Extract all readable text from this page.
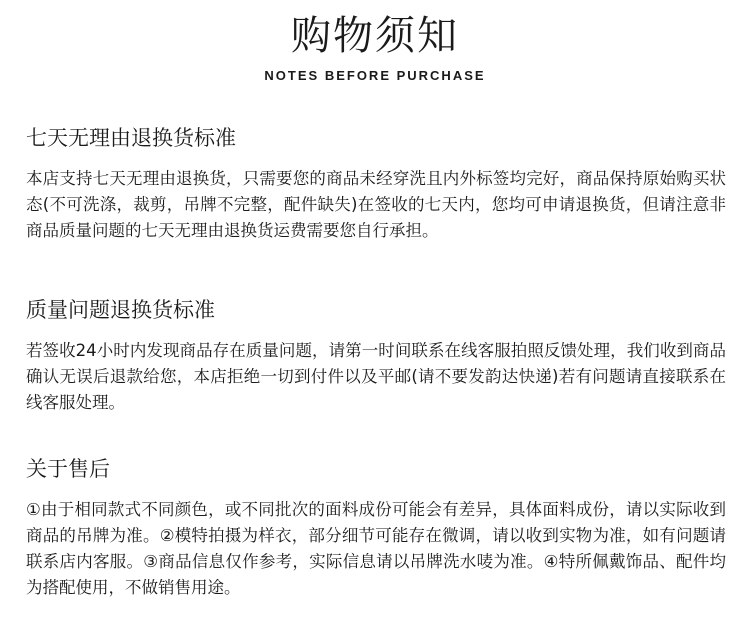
购物须知
NOTES BEFORE PURCHASE
七天无理由退换货标准

本店支持七天无理由退换货，只需要您的商品未经穿洗且内外标签均完好，商品保持原始购买状态(不可洗涤，裁剪，吊牌不完整，配件缺失)在签收的七天内，您均可申请退换货，但请注意非商品质量问题的七天无理由退换货运费需要您自行承担。

质量问题退换货标准

若签收24小时内发现商品存在质量问题，请第一时间联系在线客服拍照反馈处理，我们收到商品确认无误后退款给您，本店拒绝一切到付件以及平邮(请不要发韵达快递)若有问题请直接联系在线客服处理。

关于售后

①由于相同款式不同颜色，或不同批次的面料成份可能会有差异，具体面料成份，请以实际收到商品的吊牌为准。②模特拍摄为样衣，部分细节可能存在微调，请以收到实物为准，如有问题请联系店内客服。③商品信息仅作参考，实际信息请以吊牌洗水唛为准。④特所佩戴饰品、配件均为搭配使用，不做销售用途。
